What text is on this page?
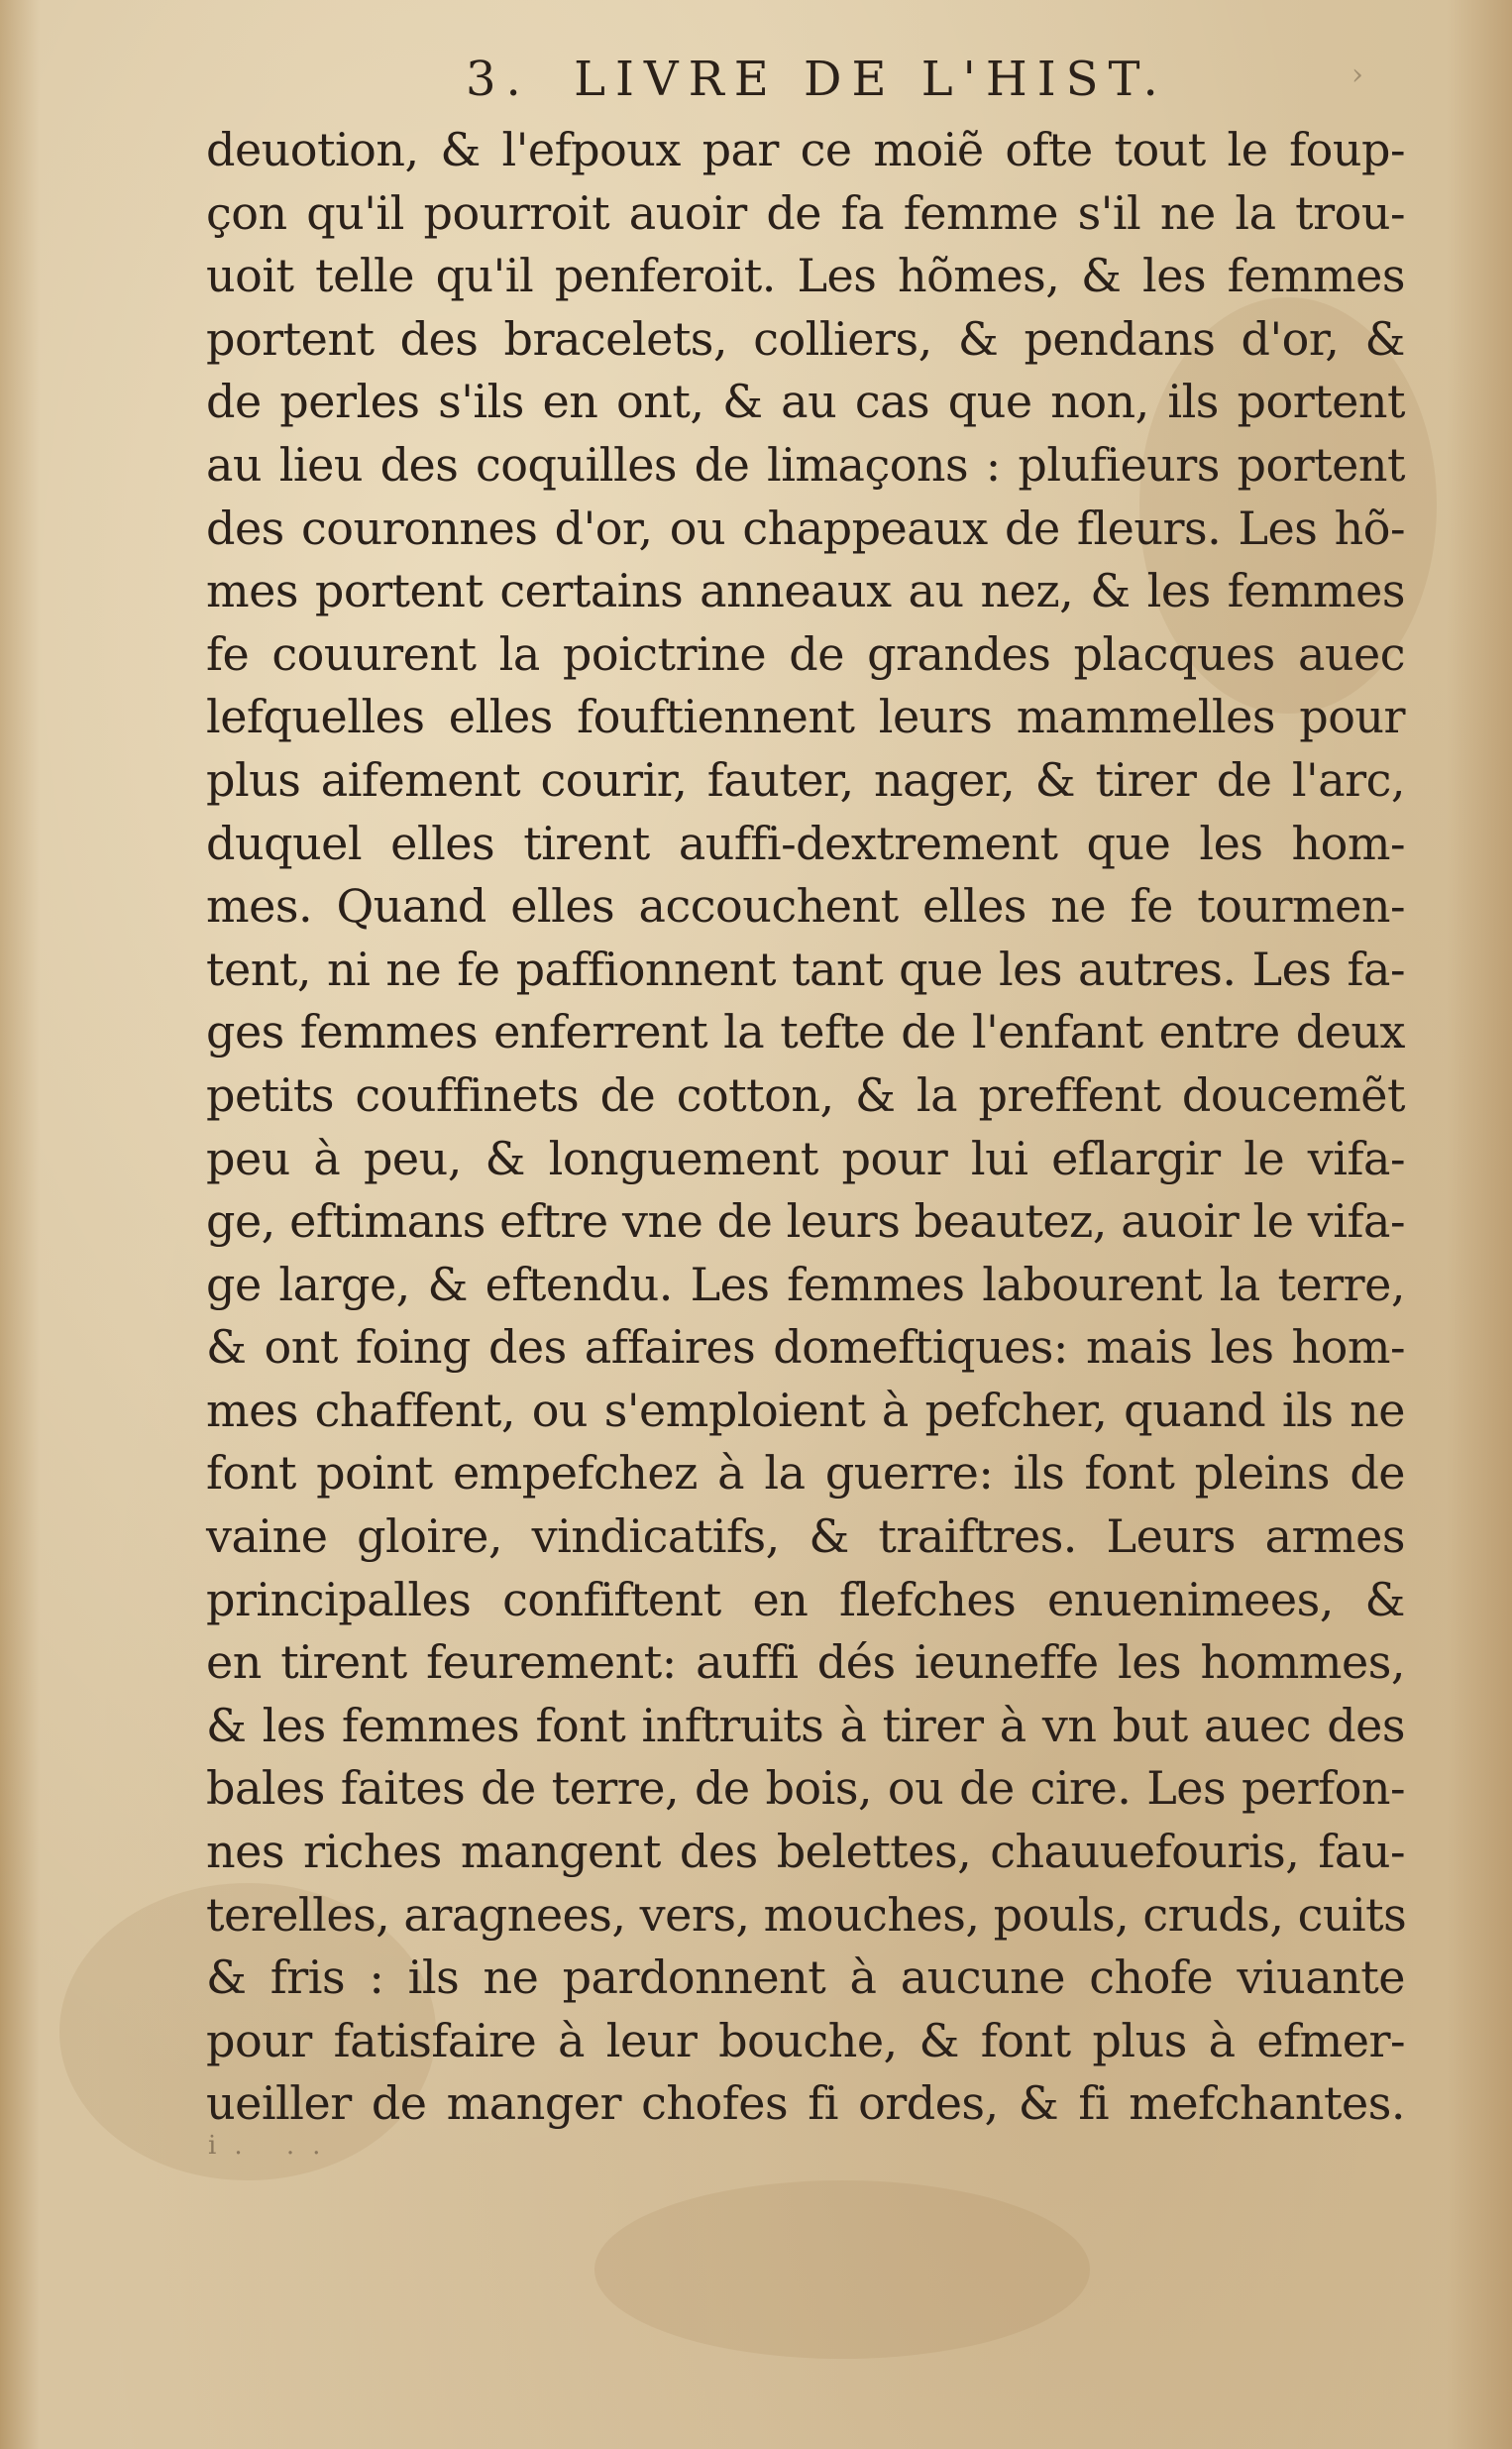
3. LIVRE DE L'HIST.	›
deuotion, & l'efpoux par ce moiẽ ofte tout le foup-
çon qu'il pourroit auoir de fa femme s'il ne la trou-
uoit telle qu'il penferoit. Les hõmes, & les femmes
portent des bracelets, colliers, & pendans d'or, &
de perles s'ils en ont, & au cas que non, ils portent
au lieu des coquilles de limaçons : plufieurs portent
des couronnes d'or, ou chappeaux de fleurs. Les hõ-
mes portent certains anneaux au nez, & les femmes
fe couurent la poictrine de grandes placques auec
lefquelles elles fouftiennent leurs mammelles pour
plus aifement courir, fauter, nager, & tirer de l'arc,
duquel elles tirent auffi-dextrement que les hom-
mes. Quand elles accouchent elles ne fe tourmen-
tent, ni ne fe paffionnent tant que les autres. Les fa-
ges femmes enferrent la tefte de l'enfant entre deux
petits couffinets de cotton, & la preffent doucemẽt
peu à peu, & longuement pour lui eflargir le vifa-
ge, eftimans eftre vne de leurs beautez, auoir le vifa-
ge large, & eftendu. Les femmes labourent la terre,
& ont foing des affaires domeftiques: mais les hom-
mes chaffent, ou s'emploient à pefcher, quand ils ne
font point empefchez à la guerre: ils font pleins de
vaine gloire, vindicatifs, & traiftres. Leurs armes
principalles confiftent en flefches enuenimees, &
en tirent feurement: auffi dés ieuneffe les hommes,
& les femmes font inftruits à tirer à vn but auec des
bales faites de terre, de bois, ou de cire. Les perfon-
nes riches mangent des belettes, chauuefouris, fau-
terelles, aragnees, vers, mouches, pouls, cruds, cuits
& fris : ils ne pardonnent à aucune chofe viuante
pour fatisfaire à leur bouche, & font plus à efmer-
ueiller de manger chofes fi ordes, & fi mefchantes.
i. ..
